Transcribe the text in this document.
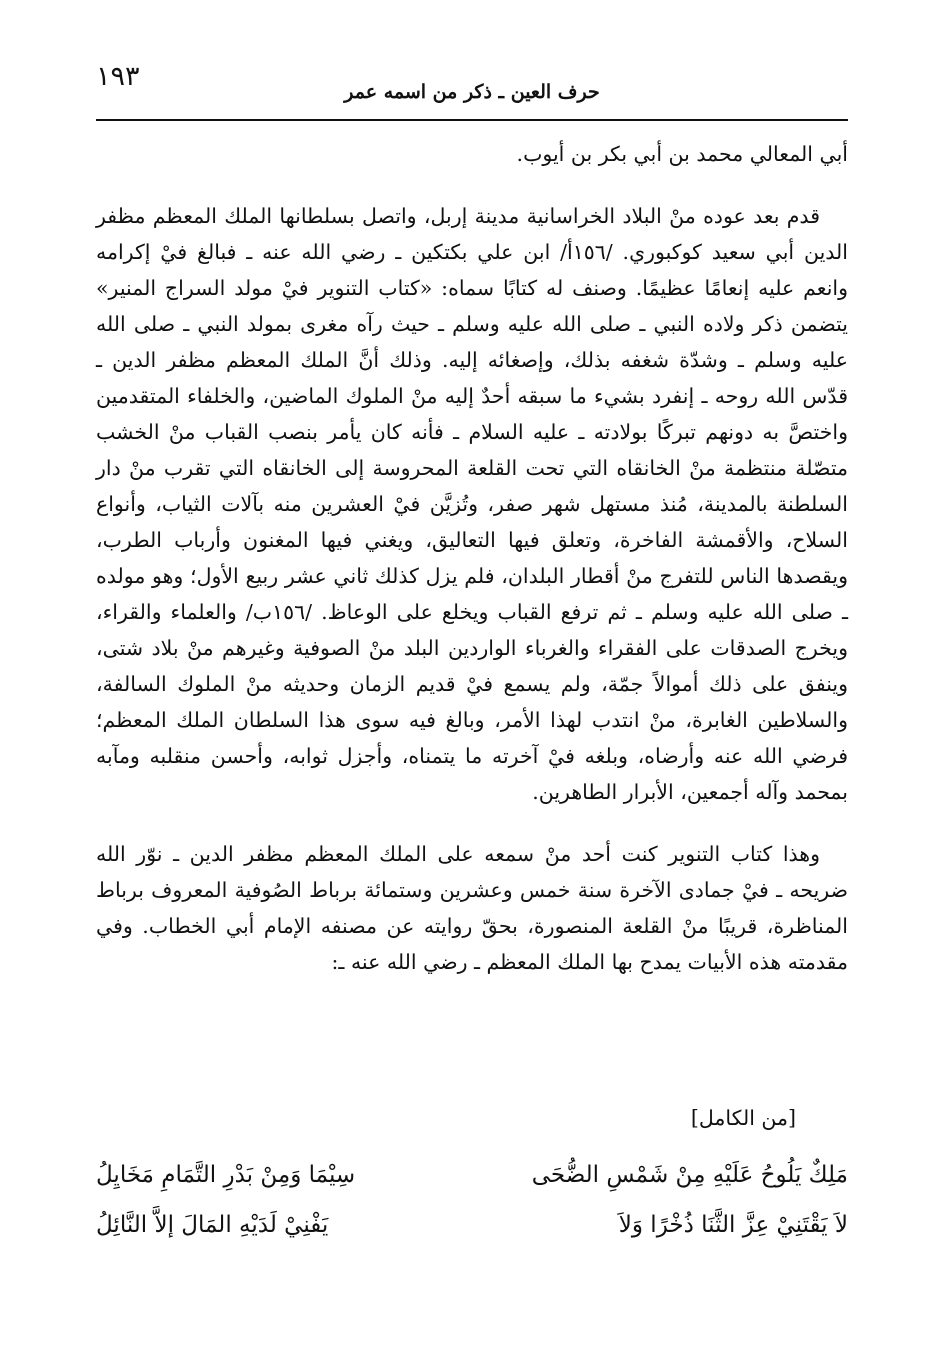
١٩٣	حرف العين ـ ذكر من اسمه عمر

أبي المعالي محمد بن أبي بكر بن أيوب.

قدم بعد عوده منْ البلاد الخراسانية مدينة إربل، واتصل بسلطانها الملك المعظم مظفر الدين أبي سعيد كوكبوري. /١٥٦أ/ ابن علي بكتكين ـ رضي الله عنه ـ فبالغ فيْ إكرامه وانعم عليه إنعامًا عظيمًا. وصنف له كتابًا سماه: «كتاب التنوير فيْ مولد السراج المنير» يتضمن ذكر ولاده النبي ـ صلى الله عليه وسلم ـ حيث رآه مغرى بمولد النبي ـ صلى الله عليه وسلم ـ وشدّة شغفه بذلك، وإصغائه إليه. وذلك أنَّ الملك المعظم مظفر الدين ـ قدّس الله روحه ـ إنفرد بشيء ما سبقه أحدٌ إليه منْ الملوك الماضين، والخلفاء المتقدمين واختصَّ به دونهم تبركًا بولادته ـ عليه السلام ـ فأنه كان يأمر بنصب القباب منْ الخشب متصّلة منتظمة منْ الخانقاه التي تحت القلعة المحروسة إلى الخانقاه التي تقرب منْ دار السلطنة بالمدينة، مُنذ مستهل شهر صفر، وتُزيَّن فيْ العشرين منه بآلات الثياب، وأنواع السلاح، والأقمشة الفاخرة، وتعلق فيها التعاليق، ويغني فيها المغنون وأرباب الطرب، ويقصدها الناس للتفرج منْ أقطار البلدان، فلم يزل كذلك ثاني عشر ربيع الأول؛ وهو مولده ـ صلى الله عليه وسلم ـ ثم ترفع القباب ويخلع على الوعاظ. /١٥٦ب/ والعلماء والقراء، ويخرج الصدقات على الفقراء والغرباء الواردين البلد منْ الصوفية وغيرهم منْ بلاد شتى، وينفق على ذلك أموالاً جمّة، ولم يسمع فيْ قديم الزمان وحديثه منْ الملوك السالفة، والسلاطين الغابرة، منْ انتدب لهذا الأمر، وبالغ فيه سوى هذا السلطان الملك المعظم؛ فرضي الله عنه وأرضاه، وبلغه فيْ آخرته ما يتمناه، وأجزل ثوابه، وأحسن منقلبه ومآبه بمحمد وآله أجمعين، الأبرار الطاهرين.

وهذا كتاب التنوير كنت أحد منْ سمعه على الملك المعظم مظفر الدين ـ نوّر الله ضريحه ـ فيْ جمادى الآخرة سنة خمس وعشرين وستمائة برباط الصُوفية المعروف برباط المناظرة، قريبًا منْ القلعة المنصورة، بحقّ روايته عن مصنفه الإمام أبي الخطاب. وفي مقدمته هذه الأبيات يمدح بها الملك المعظم ـ رضي الله عنه ـ:

[من الكامل]
مَلِكٌ يَلُوحُ عَلَيْهِ مِنْ شَمْسِ الضُّحَى
سِيْمَا وَمِنْ بَدْرِ التَّمَامِ مَخَايِلُ
لاَ يَقْتَنِيْ عِزَّ الثَّنَا ذُخْرًا وَلاَ
يَفْنِيْ لَدَيْهِ المَالَ إلاَّ النَّائِلُ
